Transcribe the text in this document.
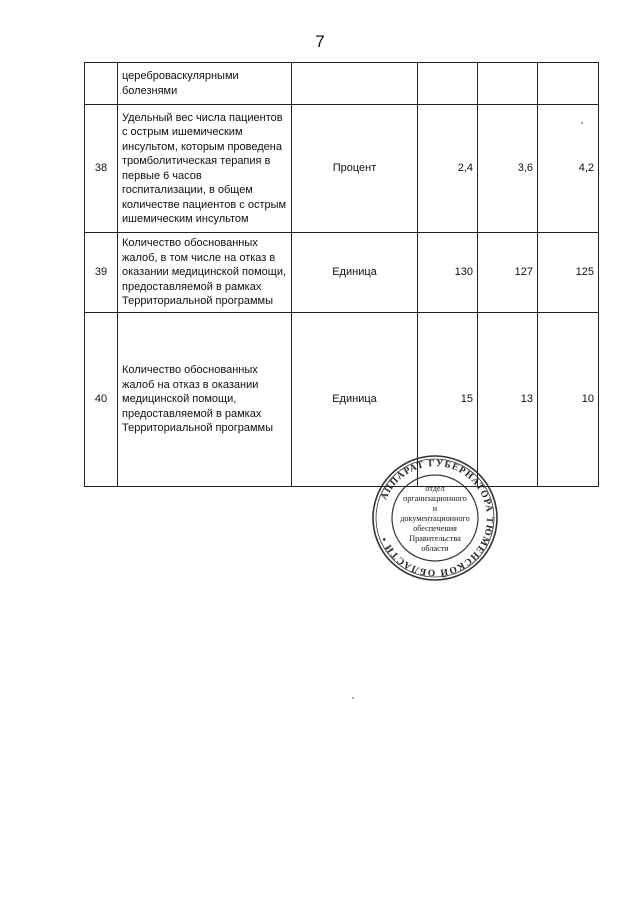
7
	цереброваскулярными болезнями				
38	Удельный вес числа пациентов с острым ишемическим инсультом, которым проведена тромболитическая терапия в первые 6 часов госпитализации, в общем количестве пациентов с острым ишемическим инсультом	Процент	2,4	3,6	4,2
39	Количество обоснованных жалоб, в том числе на отказ в оказании медицинской помощи, предоставляемой в рамках Территориальной программы	Единица	130	127	125
40	Количество обоснованных жалоб на отказ в оказании медицинской помощи, предоставляемой в рамках Территориальной программы	Единица	15	13	10
АППАРАТ ГУБЕРНАТОРА ТЮМЕНСКОЙ ОБЛАСТИ •
отдел
организационного
и
документационного
обеспечения
Правительства
области
